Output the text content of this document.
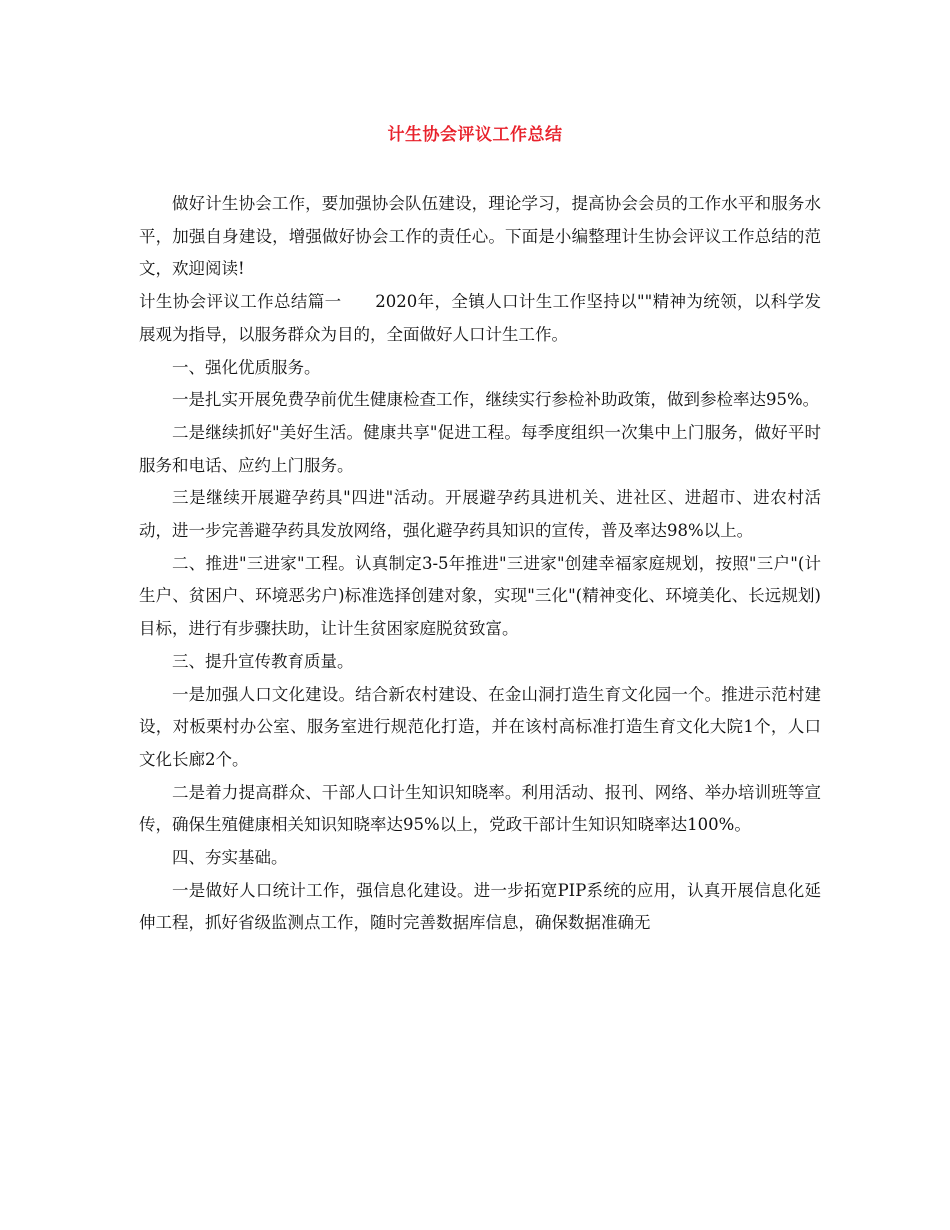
计生协会评议工作总结

做好计生协会工作，要加强协会队伍建设，理论学习，提高协会会员的工作水平和服务水平，加强自身建设，增强做好协会工作的责任心。下面是小编整理计生协会评议工作总结的范文，欢迎阅读!

计生协会评议工作总结篇一　　2020年，全镇人口计生工作坚持以""精神为统领，以科学发展观为指导，以服务群众为目的，全面做好人口计生工作。

一、强化优质服务。

一是扎实开展免费孕前优生健康检查工作，继续实行参检补助政策，做到参检率达95%。

二是继续抓好"美好生活。健康共享"促进工程。每季度组织一次集中上门服务，做好平时服务和电话、应约上门服务。

三是继续开展避孕药具"四进"活动。开展避孕药具进机关、进社区、进超市、进农村活动，进一步完善避孕药具发放网络，强化避孕药具知识的宣传，普及率达98%以上。

二、推进"三进家"工程。认真制定3-5年推进"三进家"创建幸福家庭规划，按照"三户"(计生户、贫困户、环境恶劣户)标准选择创建对象，实现"三化"(精神变化、环境美化、长远规划)目标，进行有步骤扶助，让计生贫困家庭脱贫致富。

三、提升宣传教育质量。

一是加强人口文化建设。结合新农村建设、在金山洞打造生育文化园一个。推进示范村建设，对板栗村办公室、服务室进行规范化打造，并在该村高标准打造生育文化大院1个，人口文化长廊2个。

二是着力提高群众、干部人口计生知识知晓率。利用活动、报刊、网络、举办培训班等宣传，确保生殖健康相关知识知晓率达95%以上，党政干部计生知识知晓率达100%。

四、夯实基础。

一是做好人口统计工作，强信息化建设。进一步拓宽PIP系统的应用，认真开展信息化延伸工程，抓好省级监测点工作，随时完善数据库信息，确保数据准确无
